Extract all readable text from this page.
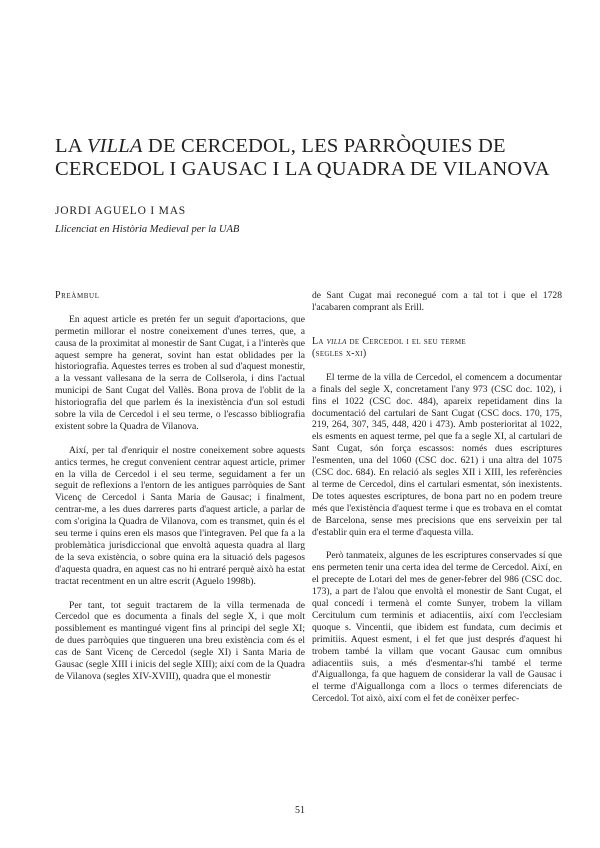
LA VILLA DE CERCEDOL, LES PARRÒQUIES DE CERCEDOL I GAUSAC I LA QUADRA DE VILANOVA
JORDI AGUELO I MAS
Llicenciat en Història Medieval per la UAB

Preàmbul

En aquest article es pretén fer un seguit d'aportacions, que permetin millorar el nostre coneixement d'unes terres, que, a causa de la proximitat al monestir de Sant Cugat, i a l'interès que aquest sempre ha generat, sovint han estat oblidades per la historiografia. Aquestes terres es troben al sud d'aquest monestir, a la vessant vallesana de la serra de Collserola, i dins l'actual municipi de Sant Cugat del Vallès. Bona prova de l'oblit de la historiografia del que parlem és la inexistència d'un sol estudi sobre la vila de Cercedol i el seu terme, o l'escasso bibliografia existent sobre la Quadra de Vilanova.

Així, per tal d'enriquir el nostre coneixement sobre aquests antics termes, he cregut convenient centrar aquest article, primer en la villa de Cercedol i el seu terme, seguidament a fer un seguit de reflexions a l'entorn de les antigues parròquies de Sant Vicenç de Cercedol i Santa Maria de Gausac; i finalment, centrar-me, a les dues darreres parts d'aquest article, a parlar de com s'origina la Quadra de Vilanova, com es transmet, quin és el seu terme i quins eren els masos que l'integraven. Pel que fa a la problemàtica jurisdiccional que envoltà aquesta quadra al llarg de la seva existència, o sobre quina era la situació dels pagesos d'aquesta quadra, en aquest cas no hi entraré perquè això ha estat tractat recentment en un altre escrit (Aguelo 1998b).

Per tant, tot seguit tractarem de la villa termenada de Cercedol que es documenta a finals del segle X, i que molt possiblement es mantingué vigent fins al principi del segle XI; de dues parròquies que tingueren una breu existència com és el cas de Sant Vicenç de Cercedol (segle XI) i Santa Maria de Gausac (segle XIII i inicis del segle XIII); així com de la Quadra de Vilanova (segles XIV-XVIII), quadra que el monestir

de Sant Cugat mai reconegué com a tal tot i que el 1728 l'acabaren comprant als Erill.

La villa de Cercedol i el seu terme
(segles x-xi)

El terme de la villa de Cercedol, el comencem a documentar a finals del segle X, concretament l'any 973 (CSC doc. 102), i fins el 1022 (CSC doc. 484), apareix repetidament dins la documentació del cartulari de Sant Cugat (CSC docs. 170, 175, 219, 264, 307, 345, 448, 420 i 473). Amb posterioritat al 1022, els esments en aquest terme, pel que fa a segle XI, al cartulari de Sant Cugat, són força escassos: només dues escriptures l'esmenten, una del 1060 (CSC doc. 621) i una altra del 1075 (CSC doc. 684). En relació als segles XII i XIII, les referències al terme de Cercedol, dins el cartulari esmentat, són inexistents. De totes aquestes escriptures, de bona part no en podem treure més que l'existència d'aquest terme i que es trobava en el comtat de Barcelona, sense mes precisions que ens serveixin per tal d'establir quin era el terme d'aquesta villa.

Però tanmateix, algunes de les escriptures conservades sí que ens permeten tenir una certa idea del terme de Cercedol. Així, en el precepte de Lotari del mes de gener-febrer del 986 (CSC doc. 173), a part de l'alou que envoltà el monestir de Sant Cugat, el qual concedí i termenà el comte Sunyer, trobem la villam Cercitulum cum terminis et adiacentiis, així com l'ecclesiam quoque s. Vincentii, que ibidem est fundata, cum decimis et primitiis. Aquest esment, i el fet que just després d'aquest hi trobem també la villam que vocant Gausac cum omnibus adiacentiis suis, a més d'esmentar-s'hi també el terme d'Aiguallonga, fa que haguem de considerar la vall de Gausac i el terme d'Aiguallonga com a llocs o termes diferenciats de Cercedol. Tot això, així com el fet de conèixer perfec-

51
